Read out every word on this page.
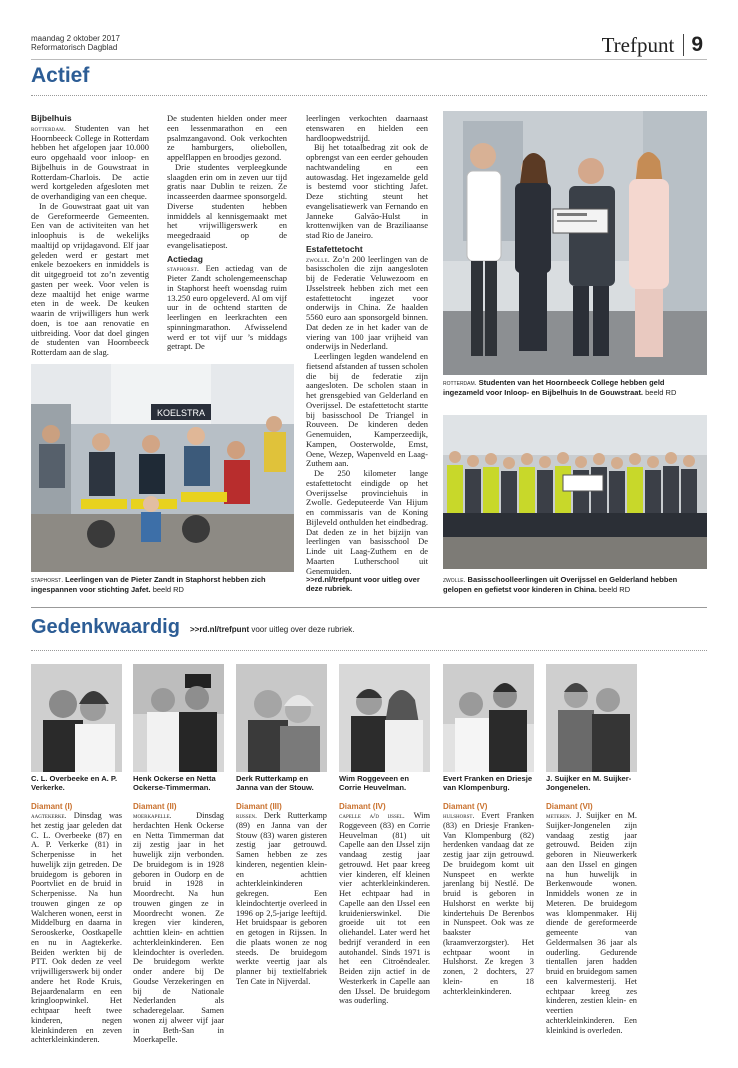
maandag 2 oktober 2017
Reformatorisch Dagblad	Trefpunt 9
Actief
Bijbelhuis

rotterdam. Studenten van het Hoornbeeck College in Rotterdam hebben het afgelopen jaar 10.000 euro opgehaald voor inloop- en Bijbelhuis in de Gouwstraat in Rotterdam-Charlois. De actie werd kortgeleden afgesloten met de overhandiging van een cheque.

In de Gouwstraat gaat uit van de Gereformeerde Gemeenten. Een van de activiteiten van het inloophuis is de wekelijks maaltijd op vrijdagavond. Elf jaar geleden werd er gestart met enkele bezoekers en inmiddels is dit uitgegroeid tot zo’n zeventig gasten per week. Voor velen is deze maaltijd het enige warme eten in de week. De keuken waarin de vrijwilligers hun werk doen, is toe aan renovatie en uitbreiding. Voor dat doel gingen de studenten van Hoornbeeck Rotterdam aan de slag.

De studenten hielden onder meer een lessenmarathon en een psalmzangavond. Ook verkochten ze hamburgers, oliebollen, appelflappen en broodjes gezond.

Drie studentes verpleegkunde slaagden erin om in zeven uur tijd gratis naar Dublin te reizen. Ze incasseerden daarmee sponsorgeld. Diverse studenten hebben inmiddels al kennisgemaakt met het vrijwilligerswerk en meegedraaid op de evangelisatiepost.

Actiedag

staphorst. Een actiedag van de Pieter Zandt scholengemeenschap in Staphorst heeft woensdag ruim 13.250 euro opgeleverd. Al om vijf uur in de ochtend startten de leerlingen en leerkrachten een spinningmarathon. Afwisselend werd er tot vijf uur ’s middags getrapt. De

leerlingen verkochten daarnaast etenswaren en hielden een hardloopwedstrijd.

Bij het totaalbedrag zit ook de opbrengst van een eerder gehouden nachtwandeling en een autowasdag. Het ingezamelde geld is bestemd voor stichting Jafet. Deze stichting steunt het evangelisatiewerk van Fernando en Janneke Galvão-Hulst in krottenwijken van de Braziliaanse stad Rio de Janeiro.

Estafettetocht

zwolle. Zo’n 200 leerlingen van de basisscholen die zijn aangesloten bij de Federatie Veluwezoom en IJsselstreek hebben zich met een estafettetocht ingezet voor onderwijs in China. Ze haalden 5560 euro aan sponsorgeld binnen. Dat deden ze in het kader van de viering van 100 jaar vrijheid van onderwijs in Nederland.

Leerlingen legden wandelend en fietsend afstanden af tussen scholen die bij de federatie zijn aangesloten. De scholen staan in het grensgebied van Gelderland en Overijssel. De estafettetocht startte bij basisschool De Triangel in Rouveen. De kinderen deden Genemuiden, Kamperzeedijk, Kampen, Oosterwolde, Emst, Oene, Wezep, Wapenveld en Laag-Zuthem aan.

De 250 kilometer lange estafettetocht eindigde op het Overijsselse provinciehuis in Zwolle. Gedeputeerde Van Hijum en commissaris van de Koning Bijleveld onthulden het eindbedrag. Dat deden ze in het bijzijn van leerlingen van basisschool De Linde uit Laag-Zuthem en de Maarten Lutherschool uit Genemuiden.

rotterdam. Studenten van het Hoornbeeck College hebben geld ingezameld voor Inloop- en Bijbelhuis In de Gouwstraat. beeld RD
KOELSTRA
staphorst. Leerlingen van de Pieter Zandt in Staphorst hebben zich ingespannen voor stichting Jafet. beeld RD
>>rd.nl/trefpunt voor uitleg over deze rubriek.
zwolle. Basisschoolleerlingen uit Overijssel en Gelderland hebben gelopen en gefietst voor kinderen in China. beeld RD
Gedenkwaardig >>rd.nl/trefpunt voor uitleg over deze rubriek.
C. L. Overbeeke en A. P. Verkerke.
Diamant (I)
aagtekerke. Dinsdag was het zestig jaar geleden dat C. L. Overbeeke (87) en A. P. Verkerke (81) in Scherpenisse in het huwelijk zijn getreden. De bruidegom is geboren in Poortvliet en de bruid in Scherpenisse. Na hun trouwen gingen ze op Walcheren wonen, eerst in Middelburg en daarna in Serooskerke, Oostkapelle en nu in Aagtekerke. Beiden werkten bij de PTT. Ook deden ze veel vrijwilligerswerk bij onder andere het Rode Kruis, Bejaardenalarm en een kringloopwinkel. Het echtpaar heeft twee kinderen, negen kleinkinderen en zeven achterkleinkinderen.
Henk Ockerse en Netta Ockerse-Timmerman.
Diamant (II)
moerkapelle.	Dinsdag herdachten Henk Ockerse en Netta Timmerman dat zij zestig jaar in het huwelijk zijn verbonden. De bruidegom is in 1928 geboren in Oudorp en de bruid in 1928 in Moordrecht. Na hun trouwen gingen ze in Moordrecht wonen. Ze kregen vier kinderen, achttien klein- en achttien achterkleinkinderen. Een kleindochter is overleden. De bruidegom werkte onder andere bij De Goudse Verzekeringen en bij de Nationale Nederlanden als schaderegelaar. Samen wonen zij alweer vijf jaar in Beth-San in Moerkapelle.
Derk Rutterkamp en Janna van der Stouw.
Diamant (III)
rijssen. Derk Rutterkamp (89) en Janna van der Stouw (83) waren gisteren zestig jaar getrouwd. Samen hebben ze zes kinderen, negentien klein- en achttien achterkleinkinderen gekregen. Een kleindochtertje overleed in 1996 op 2,5-jarige leeftijd. Het bruidspaar is geboren en getogen in Rijssen. In die plaats wonen ze nog steeds. De bruidegom werkte veertig jaar als planner bij textielfabriek Ten Cate in Nijverdal.
Wim Roggeveen en Corrie Heuvelman.
Diamant (IV)
capelle a/d ijssel. Wim Roggeveen (83) en Corrie Heuvelman (81) uit Capelle aan den IJssel zijn vandaag zestig jaar getrouwd. Het paar kreeg vier kinderen, elf kleinen vier achterkleinkinderen. Het echtpaar had in Capelle aan den IJssel een kruidenierswinkel. Die groeide uit tot een oliehandel. Later werd het bedrijf veranderd in een autohandel. Sinds 1971 is het een Citroëndealer. Beiden zijn actief in de Westerkerk in Capelle aan den IJssel. De bruidegom was ouderling.
Evert Franken en Driesje van Klompenburg.
Diamant (V)
hulshorst. Evert Franken (83) en Driesje Franken-Van Klompenburg (82) herdenken vandaag dat ze zestig jaar zijn getrouwd. De bruidegom komt uit Nunspeet en werkte jarenlang bij Nestlé. De bruid is geboren in Hulshorst en werkte bij kindertehuis De Berenbos in Nunspeet. Ook was ze baakster (kraamverzorgster). Het echtpaar woont in Hulshorst. Ze kregen 3 zonen, 2 dochters, 27 klein- en 18 achterkleinkinderen.
J. Suijker en M. Suijker-Jongenelen.
Diamant (VI)
meteren. J. Suijker en M. Suijker-Jongenelen zijn vandaag zestig jaar getrouwd. Beiden zijn geboren in Nieuwerkerk aan den IJssel en gingen na hun huwelijk in Berkenwoude wonen. Inmiddels wonen ze in Meteren. De bruidegom was klompenmaker. Hij diende de gereformeerde gemeente van Geldermalsen 36 jaar als ouderling. Gedurende tientallen jaren hadden bruid en bruidegom samen een kalvermesterij. Het echtpaar kreeg zes kinderen, zestien klein- en veertien achterkleinkinderen. Een kleinkind is overleden.
